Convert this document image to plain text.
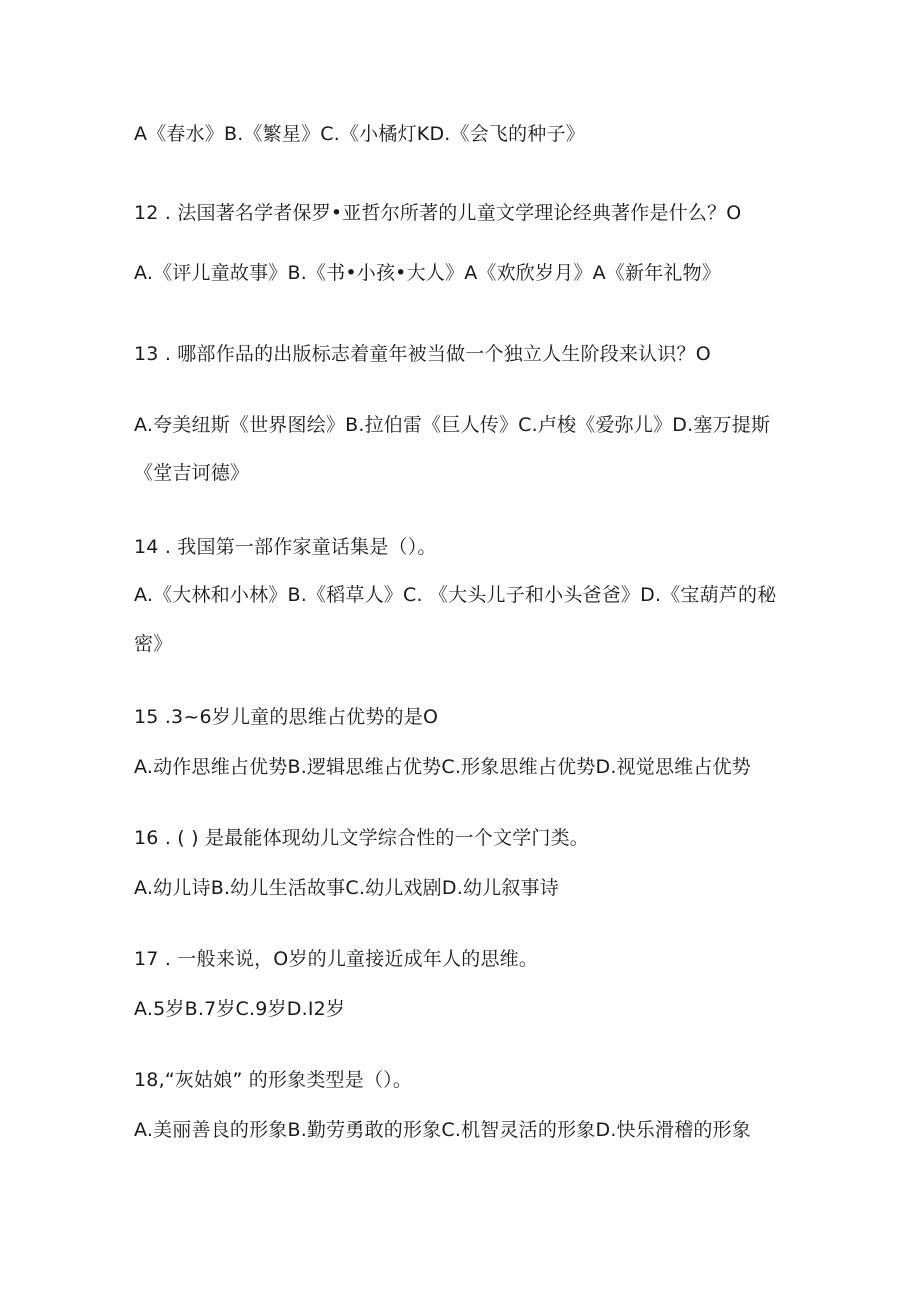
A《春水》B.《繁星》C.《小橘灯KD.《会飞的种子》
12 . 法国著名学者保罗•亚哲尔所著的儿童文学理论经典著作是什么？O
A.《评儿童故事》B.《书•小孩•大人》A《欢欣岁月》A《新年礼物》
13 . 哪部作品的出版标志着童年被当做一个独立人生阶段来认识？O
A.夸美纽斯《世界图绘》B.拉伯雷《巨人传》C.卢梭《爱弥儿》D.塞万提斯
《堂吉诃德》
14 . 我国第一部作家童话集是（）。
A.《大林和小林》B.《稻草人》C. 《大头儿子和小头爸爸》D.《宝葫芦的秘
密》
15 .3~6岁儿童的思维占优势的是O
A.动作思维占优势B.逻辑思维占优势C.形象思维占优势D.视觉思维占优势
16 . ( ) 是最能体现幼儿文学综合性的一个文学门类。
A.幼儿诗B.幼儿生活故事C.幼儿戏剧D.幼儿叙事诗
17 . 一般来说，O岁的儿童接近成年人的思维。
A.5岁B.7岁C.9岁D.I2岁
18,“灰姑娘” 的形象类型是（）。
A.美丽善良的形象B.勤劳勇敢的形象C.机智灵活的形象D.快乐滑稽的形象
